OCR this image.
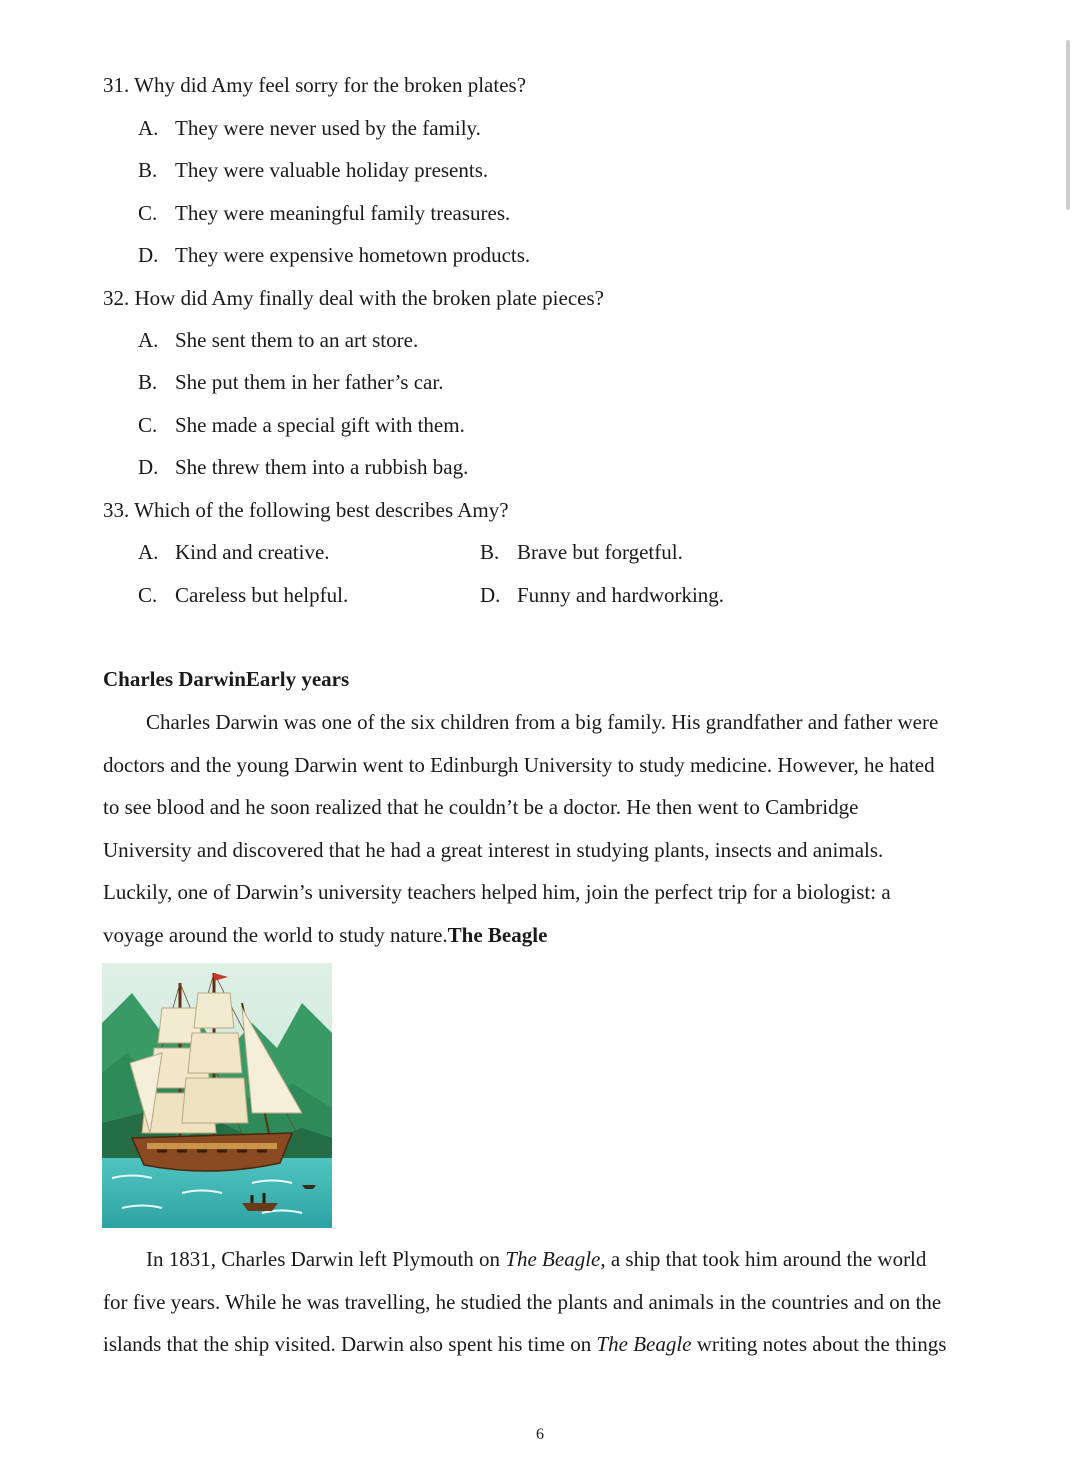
31. Why did Amy feel sorry for the broken plates?
A. They were never used by the family.
B. They were valuable holiday presents.
C. They were meaningful family treasures.
D. They were expensive hometown products.
32. How did Amy finally deal with the broken plate pieces?
A. She sent them to an art store.
B. She put them in her father’s car.
C. She made a special gift with them.
D. She threw them into a rubbish bag.
33. Which of the following best describes Amy?
A. Kind and creative.	B. Brave but forgetful.
C. Careless but helpful.	D. Funny and hardworking.
Charles DarwinEarly years
Charles Darwin was one of the six children from a big family. His grandfather and father were
doctors and the young Darwin went to Edinburgh University to study medicine. However, he hated
to see blood and he soon realized that he couldn’t be a doctor. He then went to Cambridge
University and discovered that he had a great interest in studying plants, insects and animals.
Luckily, one of Darwin’s university teachers helped him, join the perfect trip for a biologist: a
voyage around the world to study nature.The Beagle
In 1831, Charles Darwin left Plymouth on The Beagle, a ship that took him around the world
for five years. While he was travelling, he studied the plants and animals in the countries and on the
islands that the ship visited. Darwin also spent his time on The Beagle writing notes about the things
6
